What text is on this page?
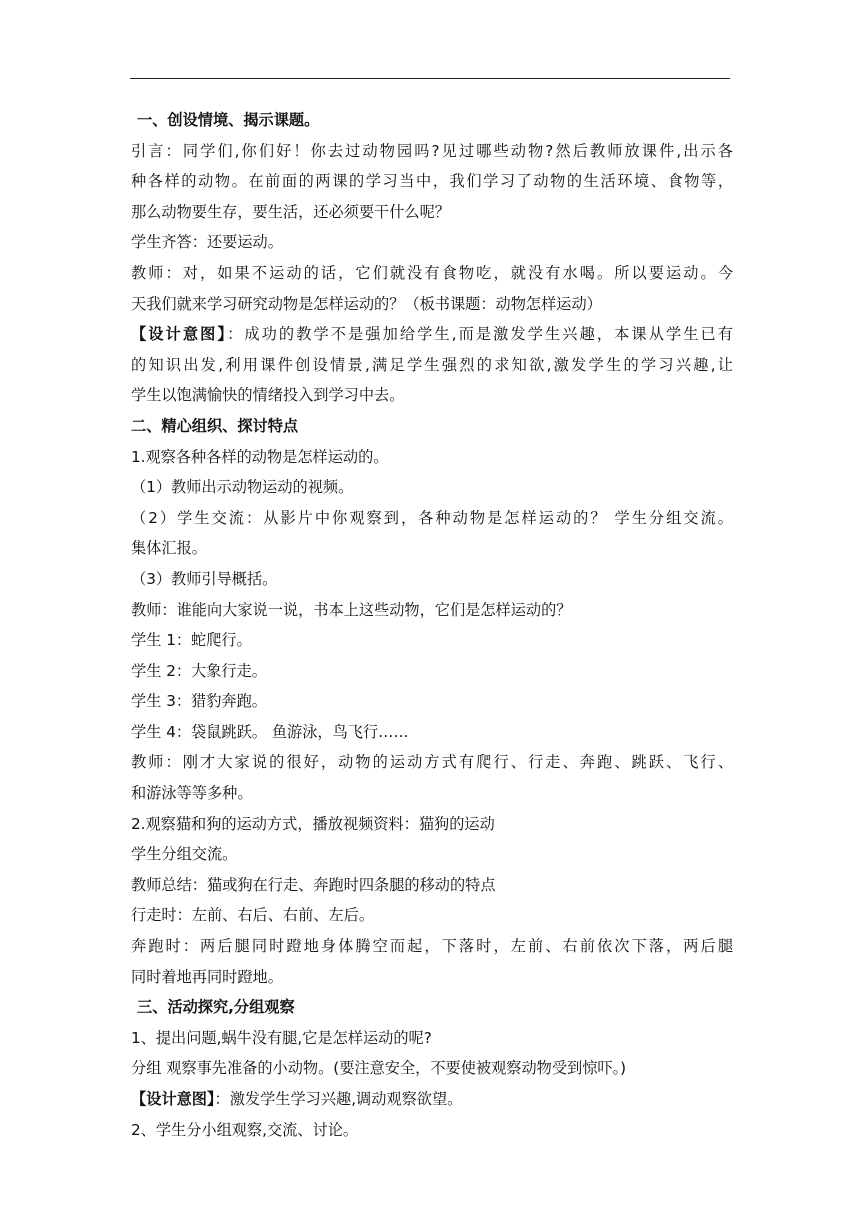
一、创设情境、揭示课题。
引言：同学们,你们好！你去过动物园吗?见过哪些动物?然后教师放课件,出示各
种各样的动物。在前面的两课的学习当中，我们学习了动物的生活环境、食物等，
那么动物要生存，要生活，还必须要干什么呢？
学生齐答：还要运动。
教师：对，如果不运动的话，它们就没有食物吃，就没有水喝。所以要运动。今
天我们就来学习研究动物是怎样运动的？（板书课题：动物怎样运动）
【设计意图】：成功的教学不是强加给学生,而是激发学生兴趣，本课从学生已有
的知识出发,利用课件创设情景,满足学生强烈的求知欲,激发学生的学习兴趣,让
学生以饱满愉快的情绪投入到学习中去。
二、精心组织、探讨特点
1.观察各种各样的动物是怎样运动的。
（1）教师出示动物运动的视频。
（2）学生交流：从影片中你观察到，各种动物是怎样运动的？ 学生分组交流。
集体汇报。
（3）教师引导概括。
教师：谁能向大家说一说，书本上这些动物，它们是怎样运动的？
学生 1：蛇爬行。
学生 2：大象行走。
学生 3：猎豹奔跑。
学生 4：袋鼠跳跃。 鱼游泳，鸟飞行……
教师：刚才大家说的很好，动物的运动方式有爬行、行走、奔跑、跳跃、飞行、
和游泳等等多种。
2.观察猫和狗的运动方式，播放视频资料：猫狗的运动
学生分组交流。
教师总结：猫或狗在行走、奔跑时四条腿的移动的特点
行走时：左前、右后、右前、左后。
奔跑时：两后腿同时蹬地身体腾空而起，下落时，左前、右前依次下落，两后腿
同时着地再同时蹬地。
三、活动探究,分组观察
1、提出问题,蜗牛没有腿,它是怎样运动的呢?
分组 观察事先准备的小动物。(要注意安全，不要使被观察动物受到惊吓。)
【设计意图】：激发学生学习兴趣,调动观察欲望。
2、学生分小组观察,交流、讨论。
